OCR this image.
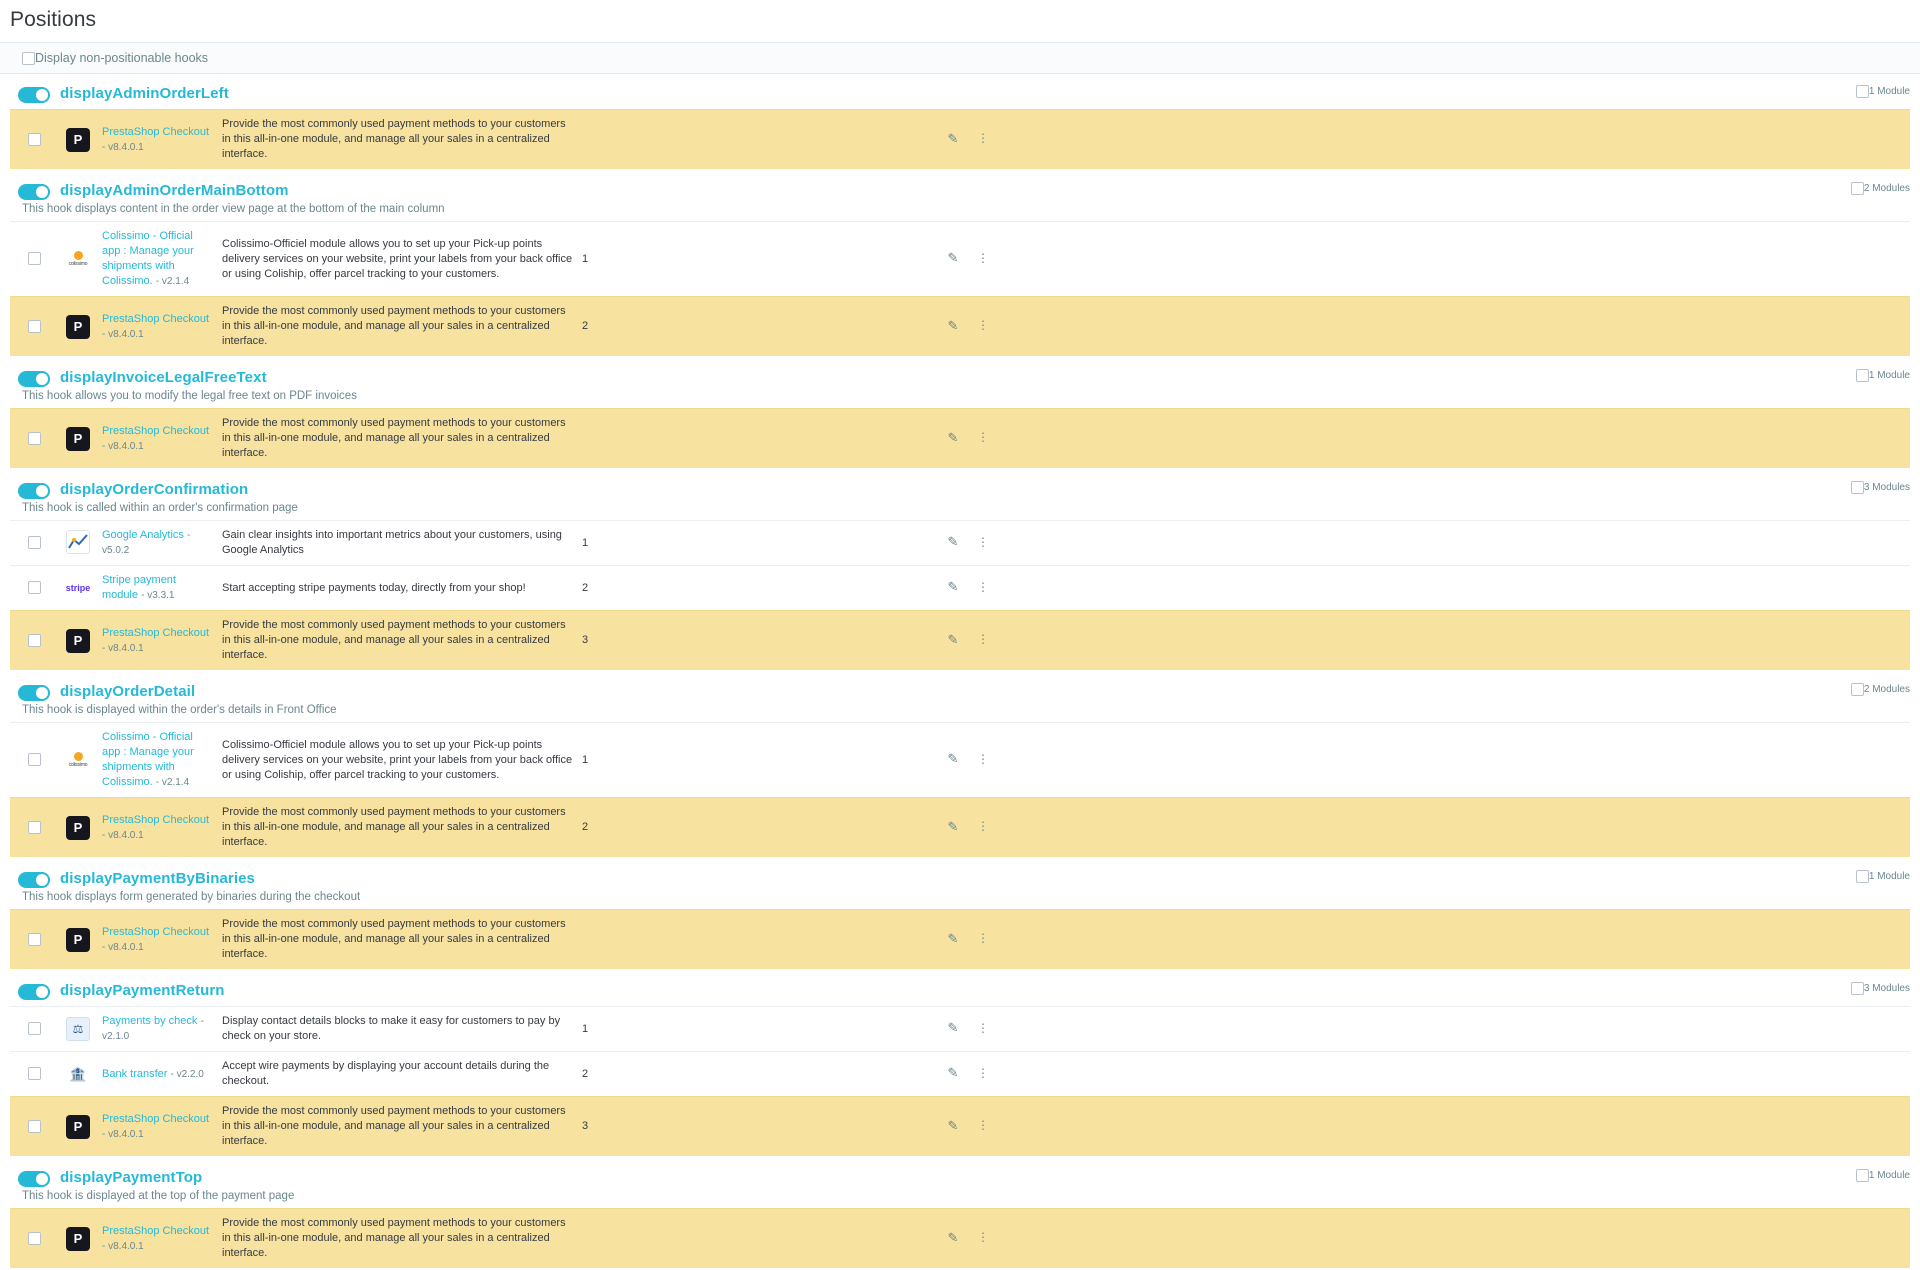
Positions
Display non-positionable hooks
displayAdminOrderLeft	1 Module
	P	PrestaShop Checkout - v8.4.0.1	Provide the most commonly used payment methods to your customers in this all-in-one module, and manage all your sales in a centralized interface.		✎	⋮	
displayAdminOrderMainBottom	2 Modules
This hook displays content in the order view page at the bottom of the main column

	colissimo	Colissimo - Official app : Manage your shipments with Colissimo. - v2.1.4	Colissimo-Officiel module allows you to set up your Pick-up points delivery services on your website, print your labels from your back office or using Coliship, offer parcel tracking to your customers.	1	✎	⋮	
	P	PrestaShop Checkout - v8.4.0.1	Provide the most commonly used payment methods to your customers in this all-in-one module, and manage all your sales in a centralized interface.	2	✎	⋮	
displayInvoiceLegalFreeText	1 Module
This hook allows you to modify the legal free text on PDF invoices
	P	PrestaShop Checkout - v8.4.0.1	Provide the most commonly used payment methods to your customers in this all-in-one module, and manage all your sales in a centralized interface.		✎	⋮	
displayOrderConfirmation	3 Modules
This hook is called within an order's confirmation page

	Google Analytics - v5.0.2	Gain clear insights into important metrics about your customers, using Google Analytics	1	✎	⋮	
	stripe	Stripe payment module - v3.3.1	Start accepting stripe payments today, directly from your shop!	2	✎	⋮	
	P	PrestaShop Checkout - v8.4.0.1	Provide the most commonly used payment methods to your customers in this all-in-one module, and manage all your sales in a centralized interface.	3	✎	⋮	
displayOrderDetail	2 Modules
This hook is displayed within the order's details in Front Office

	colissimo	Colissimo - Official app : Manage your shipments with Colissimo. - v2.1.4	Colissimo-Officiel module allows you to set up your Pick-up points delivery services on your website, print your labels from your back office or using Coliship, offer parcel tracking to your customers.	1	✎	⋮	
	P	PrestaShop Checkout - v8.4.0.1	Provide the most commonly used payment methods to your customers in this all-in-one module, and manage all your sales in a centralized interface.	2	✎	⋮	
displayPaymentByBinaries	1 Module
This hook displays form generated by binaries during the checkout
	P	PrestaShop Checkout - v8.4.0.1	Provide the most commonly used payment methods to your customers in this all-in-one module, and manage all your sales in a centralized interface.		✎	⋮	
displayPaymentReturn	3 Modules
	⚖	Payments by check - v2.1.0	Display contact details blocks to make it easy for customers to pay by check on your store.	1	✎	⋮	
	🏦	Bank transfer - v2.2.0	Accept wire payments by displaying your account details during the checkout.	2	✎	⋮	
	P	PrestaShop Checkout - v8.4.0.1	Provide the most commonly used payment methods to your customers in this all-in-one module, and manage all your sales in a centralized interface.	3	✎	⋮	
displayPaymentTop	1 Module
This hook is displayed at the top of the payment page
	P	PrestaShop Checkout - v8.4.0.1	Provide the most commonly used payment methods to your customers in this all-in-one module, and manage all your sales in a centralized interface.		✎	⋮	
